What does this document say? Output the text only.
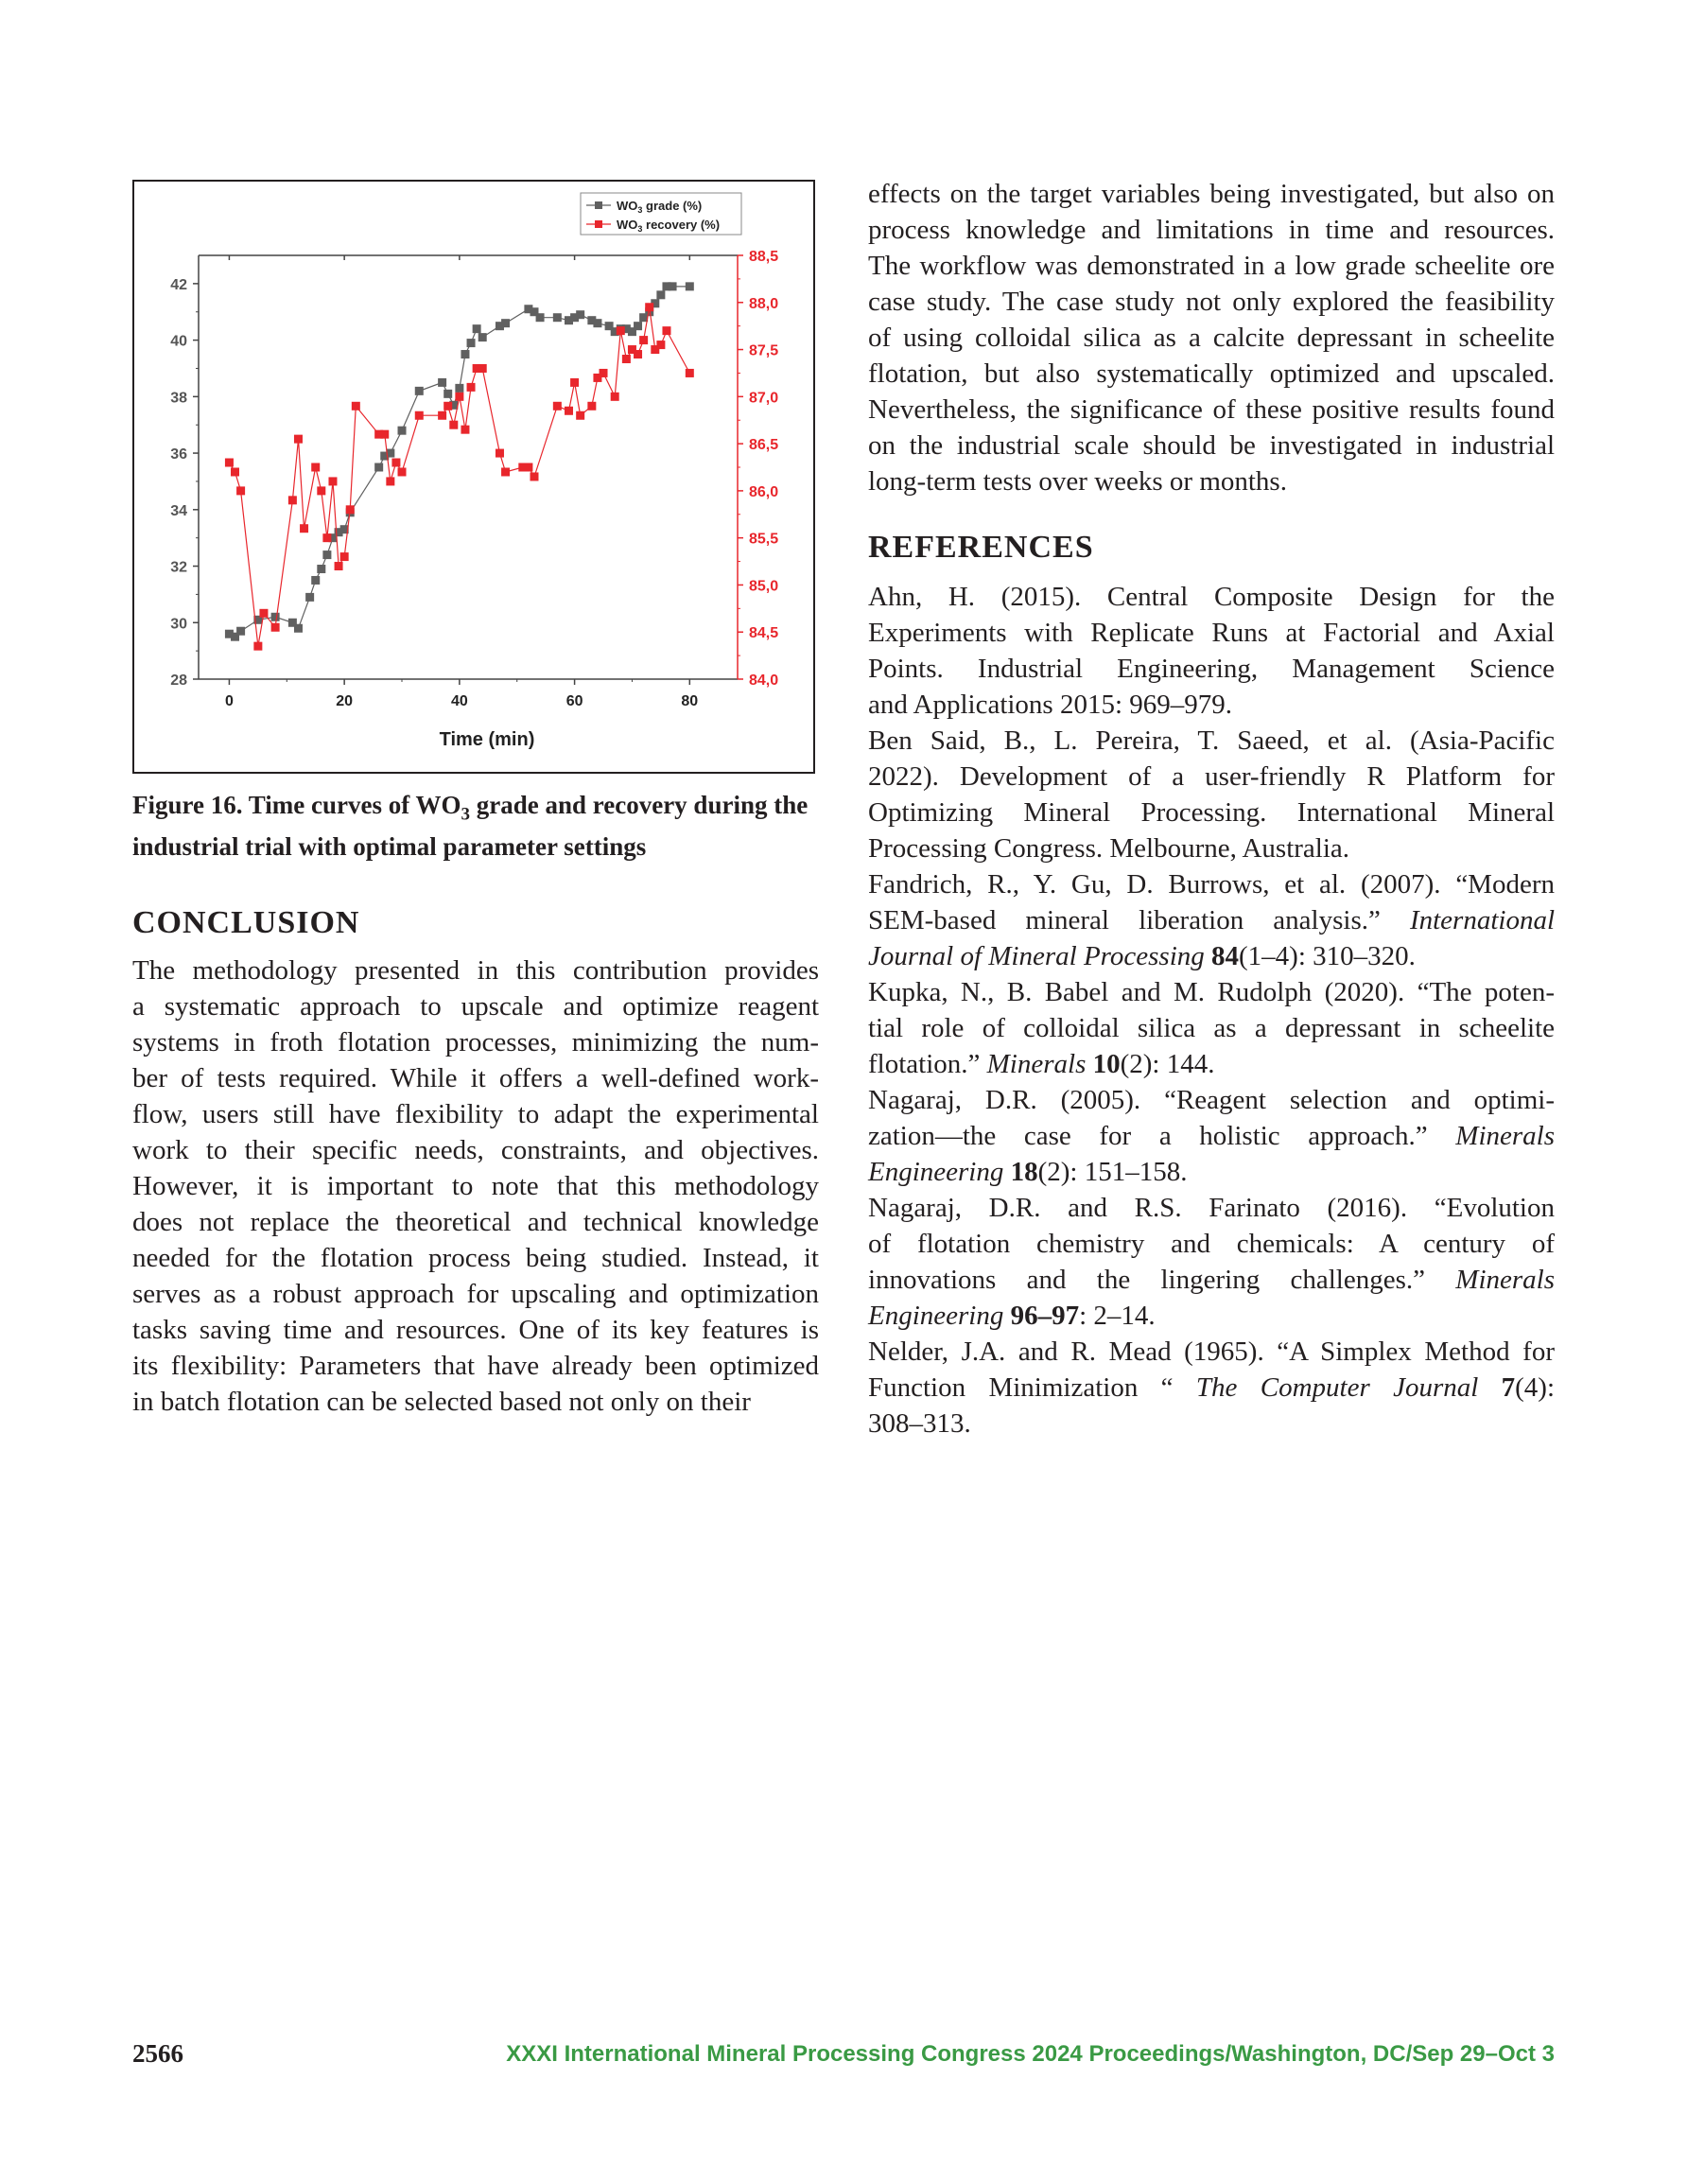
28
30
32
34
36
38
40
42
84,0
84,5
85,0
85,5
86,0
86,5
87,0
87,5
88,0
88,5
0	20	40	60	80
Time (min)
$WO_3$ grade (%)
$WO_3$ recovery (%)
Figure 16. Time curves of $WO_3$ grade and recovery during the industrial trial with optimal parameter settings
CONCLUSION
The methodology presented in this contribution provides
a systematic approach to upscale and optimize reagent
systems in froth flotation processes, minimizing the num-
ber of tests required. While it offers a well-defined work-
flow, users still have flexibility to adapt the experimental
work to their specific needs, constraints, and objectives.
However, it is important to note that this methodology
does not replace the theoretical and technical knowledge
needed for the flotation process being studied. Instead, it
serves as a robust approach for upscaling and optimization
tasks saving time and resources. One of its key features is
its flexibility: Parameters that have already been optimized
in batch flotation can be selected based not only on their
effects on the target variables being investigated, but also on
process knowledge and limitations in time and resources.
The workflow was demonstrated in a low grade scheelite ore
case study. The case study not only explored the feasibility
of using colloidal silica as a calcite depressant in scheelite
flotation, but also systematically optimized and upscaled.
Nevertheless, the significance of these positive results found
on the industrial scale should be investigated in industrial
long-term tests over weeks or months.
REFERENCES
Ahn, H. (2015). Central Composite Design for the
Experiments with Replicate Runs at Factorial and Axial
Points. Industrial Engineering, Management Science
and Applications 2015: 969–979.
Ben Said, B., L. Pereira, T. Saeed, et al. (Asia-Pacific
2022). Development of a user-friendly R Platform for
Optimizing Mineral Processing. International Mineral
Processing Congress. Melbourne, Australia.
Fandrich, R., Y. Gu, D. Burrows, et al. (2007). “Modern
SEM-based mineral liberation analysis.” International
Journal of Mineral Processing 84(1–4): 310–320.
Kupka, N., B. Babel and M. Rudolph (2020). “The poten-
tial role of colloidal silica as a depressant in scheelite
flotation.” Minerals 10(2): 144.
Nagaraj, D.R. (2005). “Reagent selection and optimi-
zation—the case for a holistic approach.” Minerals
Engineering 18(2): 151–158.
Nagaraj, D.R. and R.S. Farinato (2016). “Evolution
of flotation chemistry and chemicals: A century of
innovations and the lingering challenges.” Minerals
Engineering 96–97: 2–14.
Nelder, J.A. and R. Mead (1965). “A Simplex Method for
Function Minimization “ The Computer Journal 7(4):
308–313.
2566	XXXI International Mineral Processing Congress 2024 Proceedings/Washington, DC/Sep 29–Oct 3
